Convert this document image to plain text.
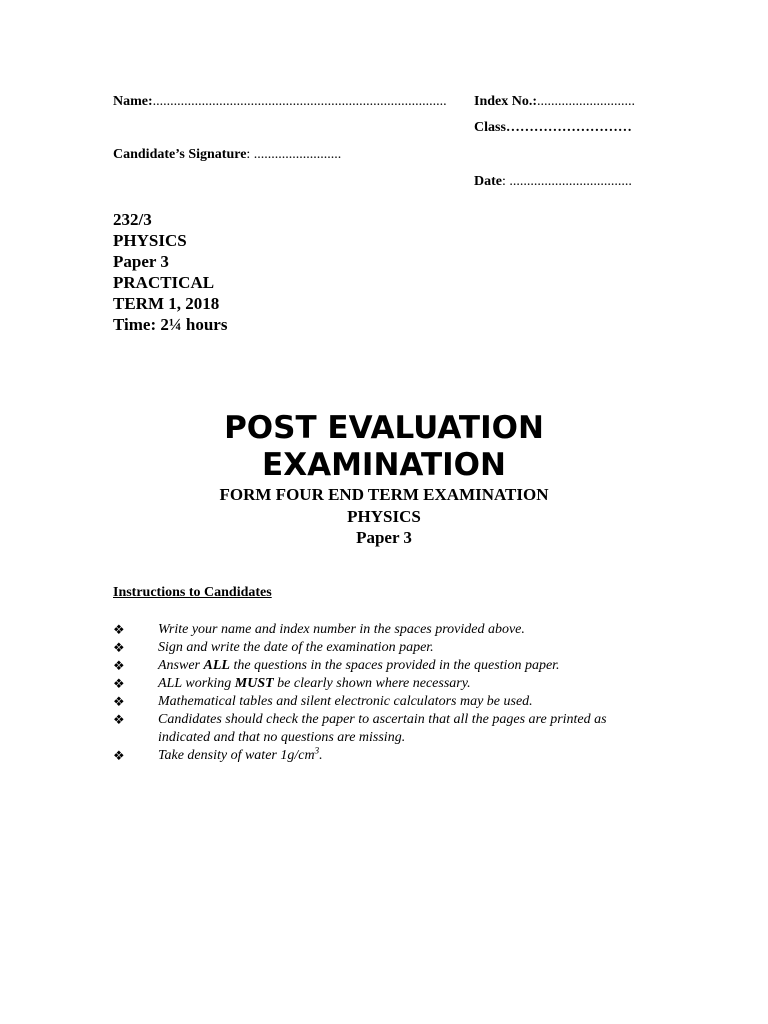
Name:.................................................................................... Index No.:............................
Class………………………
Candidate’s Signature: .........................
Date: ...................................
232/3
PHYSICS
Paper 3
PRACTICAL
TERM 1, 2018
Time: 2¼ hours
POST EVALUATION
EXAMINATION
FORM FOUR END TERM EXAMINATION
PHYSICS
Paper 3
Instructions to Candidates
❖	Write your name and index number in the spaces provided above.
❖	Sign and write the date of the examination paper.
❖	Answer ALL the questions in the spaces provided in the question paper.
❖	ALL working MUST be clearly shown where necessary.
❖	Mathematical tables and silent electronic calculators may be used.
❖	Candidates should check the paper to ascertain that all the pages are printed as indicated and that no questions are missing.
❖	Take density of water $1g/cm^3$.
